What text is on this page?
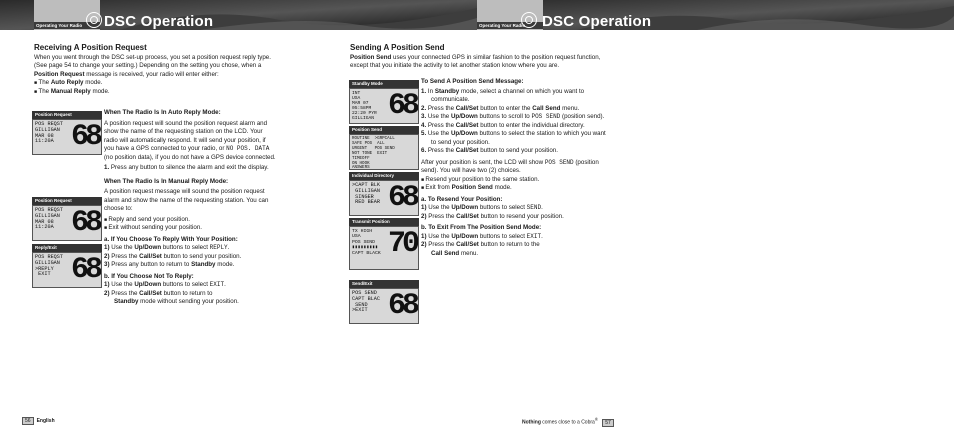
Operating Your Radio	DSC Operation	Operating Your Radio	DSC Operation
Receiving A Position Request

When you went through the DSC set-up process, you set a position request reply type. (See page 54 to change your setting.) Depending on the setting you chose, when a Position Request message is received, your radio will enter either:

■ The Auto Reply mode.

■ The Manual Reply mode.

Position Request
POS REQST
GILLIGAN
MAR 08
11:20A 68
Position Request
POS REQST
GILLIGAN
MAR 08
11:20A 68
Reply/Exit
POS REQST
GILLIGAN
>REPLY
EXIT 68

When The Radio Is In Auto Reply Mode:

A position request will sound the position request alarm and show the name of the requesting station on the LCD. Your radio will automatically respond. It will send your position, if you have a GPS connected to your radio, or NO POS. DATA (no position data), if you do not have a GPS device connected.

1. Press any button to silence the alarm and exit the display.

When The Radio Is In Manual Reply Mode:

A position request message will sound the position request alarm and show the name of the requesting station. You can choose to:

■ Reply and send your position.

■ Exit without sending your position.

a. If You Choose To Reply With Your Position:

1) Use the Up/Down buttons to select REPLY.

2) Press the Call/Set button to send your position.

3) Press any button to return to Standby mode.

b. If You Choose Not To Reply:

1) Use the Up/Down buttons to select EXIT.

2) Press the Call/Set button to return to

Standby mode without sending your position.

Sending A Position Send

Position Send uses your connected GPS in similar fashion to the position request function, except that you initiate the activity to let another station know where you are.

Standby Mode
INT
USA
MAR 07
05:58PM
22:20 PYR
GILLIGAN 68
Position Send
ROUTINE  >GRPCALL
SAFE POS  ALL
URGENT   POS SEND
NOT TONE  EXIT
TIMEOFF
ON HOOK
ANSWERS
Individual Directory
>CAPT BLK
GILLIGAN
SINGER
RED BEAR 68
Transmit Position
TX HIGH
USA
POS SEND
▮▮▮▮▮▮▮▮▮
CAPT BLACK 70
Send/Exit
POS SEND
CAPT BLAC
SEND
>EXIT 68

To Send A Position Send Message:

1. In Standby mode, select a channel on which you want to communicate.

2. Press the Call/Set button to enter the Call Send menu.

3. Use the Up/Down buttons to scroll to POS SEND (position send).

4. Press the Call/Set button to enter the individual directory.

5. Use the Up/Down buttons to select the station to which you want to send your position.

6. Press the Call/Set button to send your position.

After your position is sent, the LCD will show POS SEND (position send). You will have two (2) choices.

■ Resend your position to the same station.

■ Exit from Position Send mode.

a. To Resend Your Position:

1) Use the Up/Down buttons to select SEND.

2) Press the Call/Set button to resend your position.

b. To Exit From The Position Send Mode:

1) Use the Up/Down buttons to select EXIT.

2) Press the Call/Set button to return to the

Call Send menu.

56 English	Nothing comes close to a Cobra® 57
